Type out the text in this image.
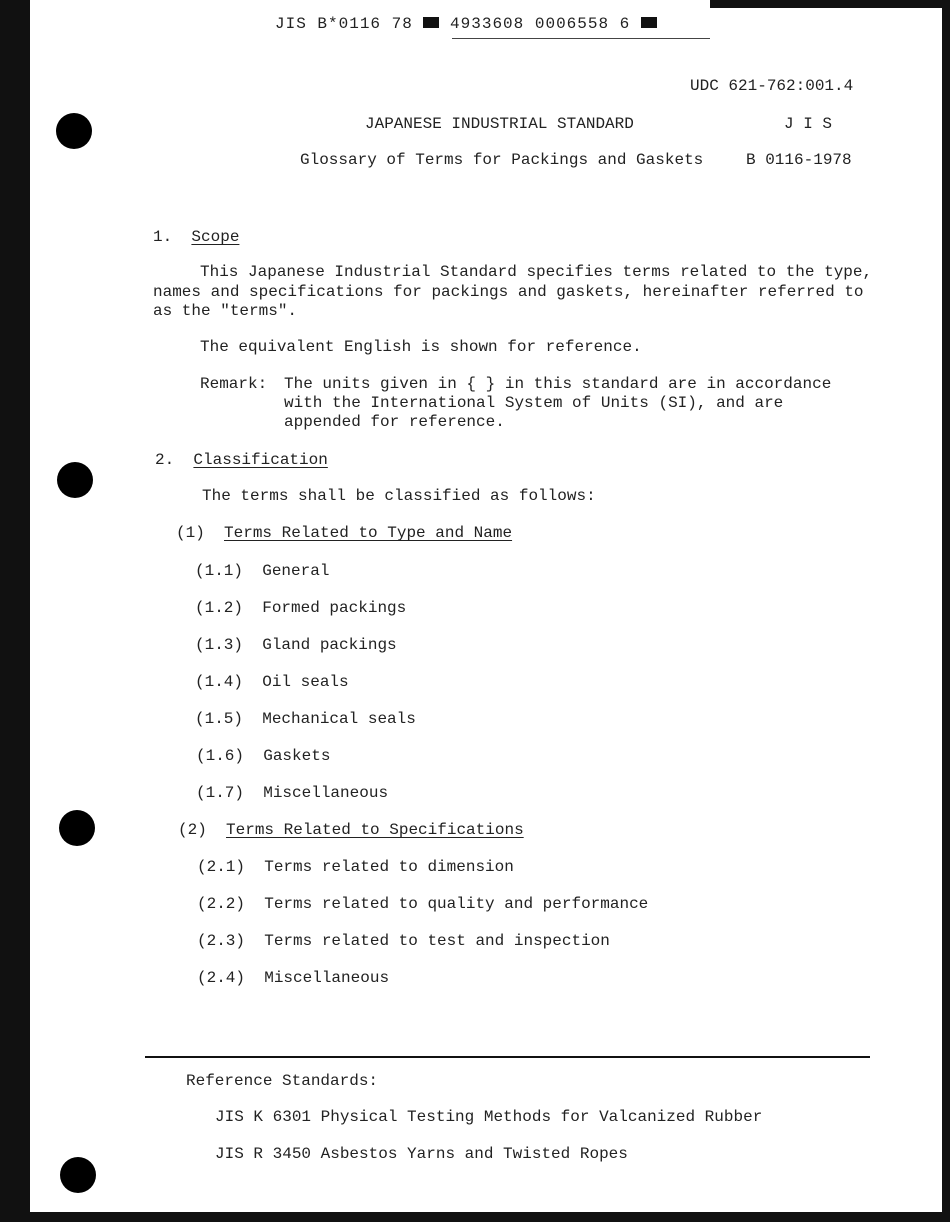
JIS B*0116 78 4933608 0006558 6
UDC 621-762:001.4
JAPANESE INDUSTRIAL STANDARD	J I S
Glossary of Terms for Packings and Gaskets	B 0116-1978
1. Scope
This Japanese Industrial Standard specifies terms related to the type,
names and specifications for packings and gaskets, hereinafter referred to
as the "terms".
The equivalent English is shown for reference.
Remark: The units given in { } in this standard are in accordance
with the International System of Units (SI), and are
appended for reference.
2. Classification
The terms shall be classified as follows:
(1) Terms Related to Type and Name
(1.1) General
(1.2) Formed packings
(1.3) Gland packings
(1.4) Oil seals
(1.5) Mechanical seals
(1.6) Gaskets
(1.7) Miscellaneous
(2) Terms Related to Specifications
(2.1) Terms related to dimension
(2.2) Terms related to quality and performance
(2.3) Terms related to test and inspection
(2.4) Miscellaneous
Reference Standards:
JIS K 6301 Physical Testing Methods for Valcanized Rubber
JIS R 3450 Asbestos Yarns and Twisted Ropes
